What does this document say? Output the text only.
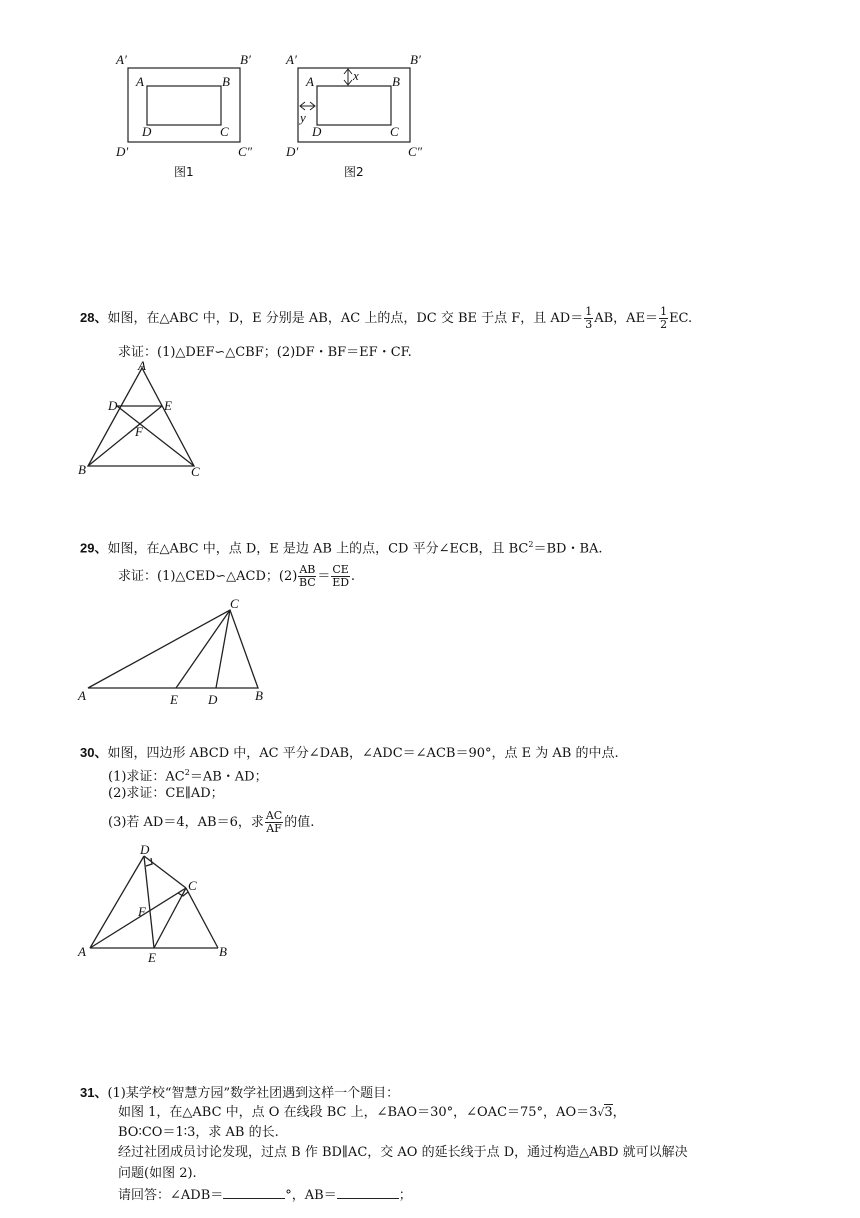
A′	B′
D′	C″
A	B
D	C
图1
x
y
A′	B′
D′	C″
A	B
D	C
图2
28、如图，在△ABC 中，D，E 分别是 AB，AC 上的点，DC 交 BE 于点 F，且 $AD= \frac{1}{3}$ AB，$AE= \frac{1}{2}$ EC.
求证：(1)△DEF∽△CBF；(2)DF・BF＝EF・CF.
A
D	E
F
B	C
29、如图，在△ABC 中，点 D，E 是边 AB 上的点，CD 平分∠ECB，且 $BC^2=BD$・BA.
求证：(1)△CED∽△ACD；$(2) \frac{AB}{BC} = \frac{CE}{ED}$ .
C
A	E D	B
30、如图，四边形 ABCD 中，AC 平分∠DAB，∠ADC＝∠ACB＝90°，点 E 为 AB 的中点.
(1)求证：$AC^2=AB$・AD；
(2)求证：CE∥AD；
(3)若 AD＝4，AB＝6，求 $\frac{AC}{AF}$ 的值.
D
C
F
A	E	B
31、(1)某学校“智慧方园”数学社团遇到这样一个题目：
如图 1，在△ABC 中，点 O 在线段 BC 上，∠BAO＝30°，∠OAC＝75°，AO＝3√3，
BO∶CO＝1∶3，求 AB 的长.
经过社团成员讨论发现，过点 B 作 BD∥AC，交 AO 的延长线于点 D，通过构造△ABD 就可以解决
问题(如图 2).
请回答：∠ADB＝	°，AB＝	；
